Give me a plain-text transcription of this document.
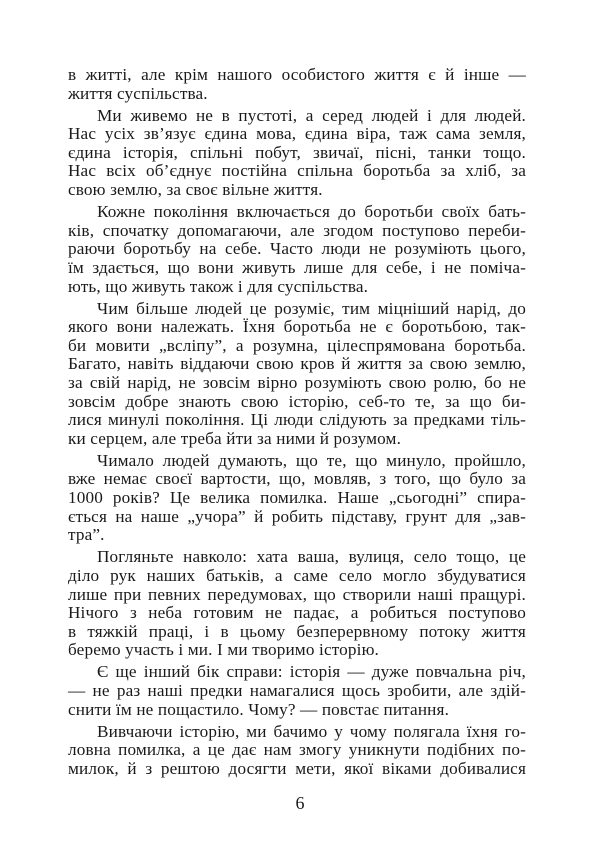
в житті, але крім нашого особистого життя є й інше —
життя суспільства.
Ми живемо не в пустоті, а серед людей і для людей.
Нас усіх зв’язує єдина мова, єдина віра, таж сама земля,
єдина історія, спільні побут, звичаї, пісні, танки тощо.
Нас всіх об’єднує постійна спільна боротьба за хліб, за
свою землю, за своє вільне життя.
Кожне покоління включається до боротьби своїх бать-
ків, спочатку допомагаючи, але згодом поступово переби-
раючи боротьбу на себе. Часто люди не розуміють цього,
їм здається, що вони живуть лише для себе, і не поміча-
ють, що живуть також і для суспільства.
Чим більше людей це розуміє, тим міцніший нарід, до
якого вони належать. Їхня боротьба не є боротьбою, так-
би мовити „всліпу”, а розумна, цілеспрямована боротьба.
Багато, навіть віддаючи свою кров й життя за свою землю,
за свій нарід, не зовсім вірно розуміють свою ролю, бо не
зовсім добре знають свою історію, себ-то те, за що би-
лися минулі покоління. Ці люди слідують за предками тіль-
ки серцем, але треба йти за ними й розумом.
Чимало людей думають, що те, що минуло, пройшло,
вже немає своєї вартости, що, мовляв, з того, що було за
1000 років? Це велика помилка. Наше „сьогодні” спира-
ється на наше „учора” й робить підставу, грунт для „зав-
тра”.
Погляньте навколо: хата ваша, вулиця, село тощо, це
діло рук наших батьків, а саме село могло збудуватися
лише при певних передумовах, що створили наші пращурі.
Нічого з неба готовим не падає, а робиться поступово
в тяжкій праці, і в цьому безперервному потоку життя
беремо участь і ми. І ми творимо історію.
Є ще інший бік справи: історія — дуже повчальна річ,
— не раз наші предки намагалися щось зробити, але здій-
снити їм не пощастило. Чому? — повстає питання.
Вивчаючи історію, ми бачимо у чому полягала їхня го-
ловна помилка, а це дає нам змогу уникнути подібних по-
милок, й з рештою досягти мети, якої віками добивалися
6
